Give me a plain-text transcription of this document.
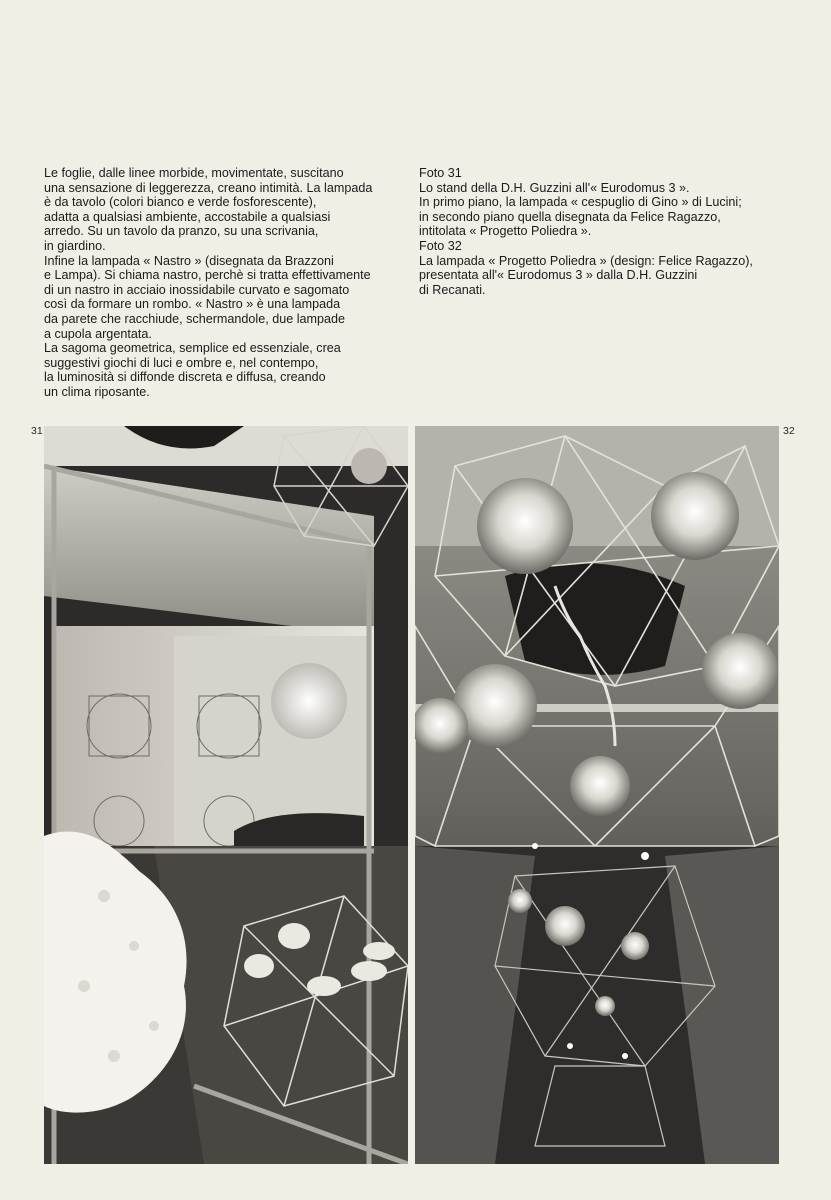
Le foglie, dalle linee morbide, movimentate, suscitano
una sensazione di leggerezza, creano intimità. La lampada
è da tavolo (colori bianco e verde fosforescente),
adatta a qualsiasi ambiente, accostabile a qualsiasi
arredo. Su un tavolo da pranzo, su una scrivania,
in giardino.
Infine la lampada « Nastro » (disegnata da Brazzoni
e Lampa). Si chiama nastro, perchè si tratta effettivamente
di un nastro in acciaio inossidabile curvato e sagomato
così da formare un rombo. « Nastro » è una lampada
da parete che racchiude, schermandole, due lampade
a cupola argentata.
La sagoma geometrica, semplice ed essenziale, crea
suggestivi giochi di luci e ombre e, nel contempo,
la luminosità si diffonde discreta e diffusa, creando
un clima riposante.
Foto 31
Lo stand della D.H. Guzzini all'« Eurodomus 3 ».
In primo piano, la lampada « cespuglio di Gino » di Lucini;
in secondo piano quella disegnata da Felice Ragazzo,
intitolata « Progetto Poliedra ».
Foto 32
La lampada « Progetto Poliedra » (design: Felice Ragazzo),
presentata all'« Eurodomus 3 » dalla D.H. Guzzini
di Recanati.
31	32
